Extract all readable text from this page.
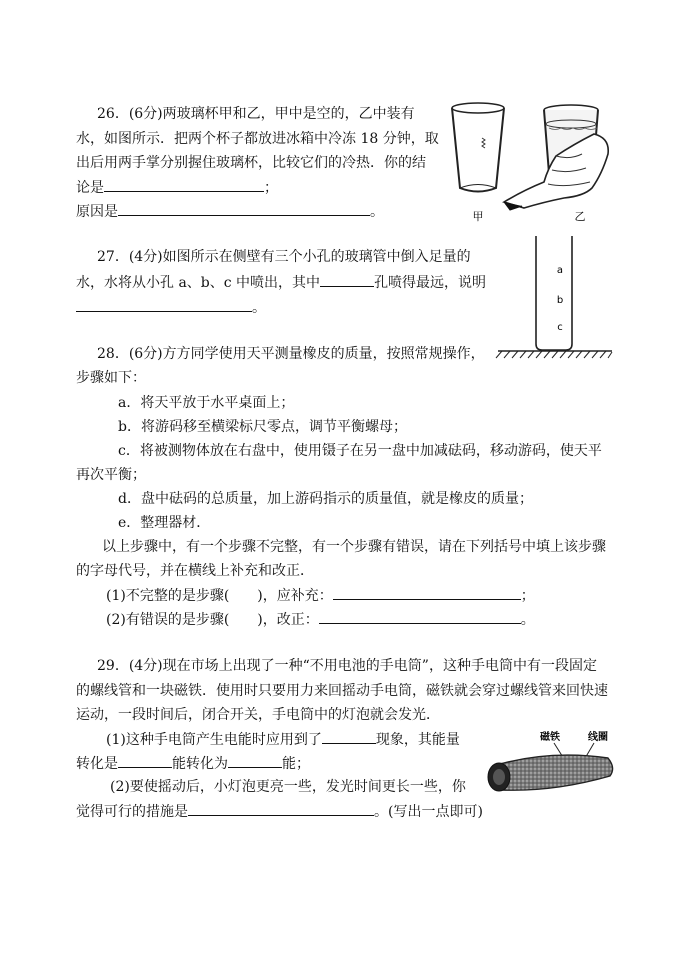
26．(6分)两玻璃杯甲和乙，甲中是空的，乙中装有
水，如图所示．把两个杯子都放进冰箱中冷冻 18 分钟，取
出后用两手掌分别握住玻璃杯，比较它们的冷热．你的结
论是	；
原因是	。	甲	乙
27．(4分)如图所示在侧壁有三个小孔的玻璃管中倒入足量的
水，水将从小孔 a、b、c 中喷出，其中	孔喷得最远，说明
。
a
b
c
28．(6分)方方同学使用天平测量橡皮的质量，按照常规操作，
步骤如下：
a．将天平放于水平桌面上；
b．将游码移至横梁标尺零点，调节平衡螺母；
c．将被测物体放在右盘中，使用镊子在另一盘中加减砝码，移动游码，使天平
再次平衡；
d．盘中砝码的总质量，加上游码指示的质量值，就是橡皮的质量；
e．整理器材．
以上步骤中，有一个步骤不完整，有一个步骤有错误，请在下列括号中填上该步骤
的字母代号，并在横线上补充和改正．
(1)不完整的是步骤( )，应补充：	；
(2)有错误的是步骤( )，改正：	。
29．(4分)现在市场上出现了一种“不用电池的手电筒”，这种手电筒中有一段固定
的螺线管和一块磁铁．使用时只要用力来回摇动手电筒，磁铁就会穿过螺线管来回快速
运动，一段时间后，闭合开关，手电筒中的灯泡就会发光．
(1)这种手电筒产生电能时应用到了	现象，其能量
转化是	能转化为	能；
(2)要使摇动后，小灯泡更亮一些，发光时间更长一些，你
觉得可行的措施是	。(写出一点即可)
磁铁	线圈
